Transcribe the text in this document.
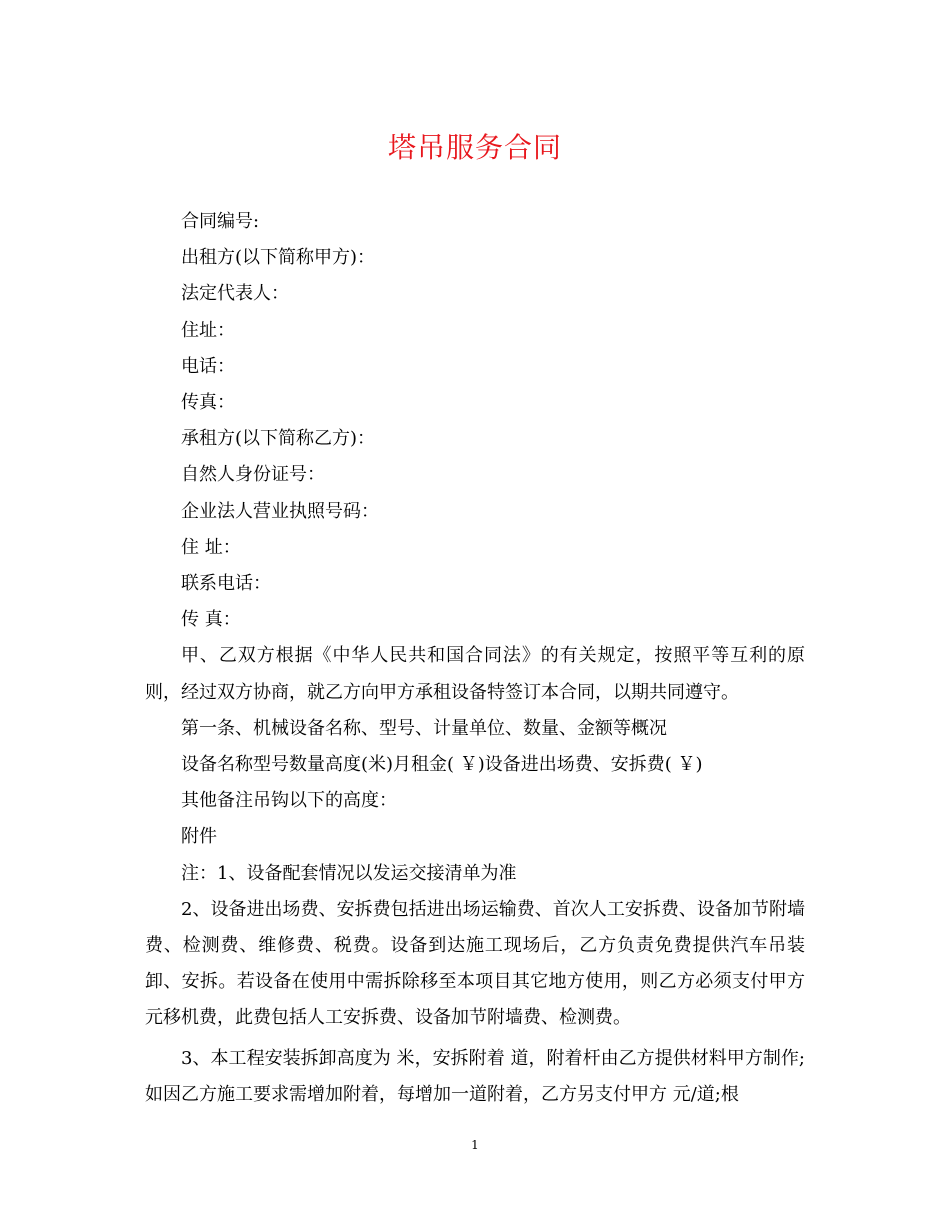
塔吊服务合同
合同编号:
出租方(以下简称甲方)：
法定代表人：
住址：
电话：
传真：
承租方(以下简称乙方)：
自然人身份证号：
企业法人营业执照号码：
住 址：
联系电话：
传 真：
甲、乙双方根据《中华人民共和国合同法》的有关规定，按照平等互利的原则，经过双方协商，就乙方向甲方承租设备特签订本合同，以期共同遵守。
第一条、机械设备名称、型号、计量单位、数量、金额等概况
设备名称型号数量高度(米)月租金( ￥)设备进出场费、安拆费( ￥)
其他备注吊钩以下的高度：
附件
注：1、设备配套情况以发运交接清单为准
2、设备进出场费、安拆费包括进出场运输费、首次人工安拆费、设备加节附墙费、检测费、维修费、税费。设备到达施工现场后，乙方负责免费提供汽车吊装卸、安拆。若设备在使用中需拆除移至本项目其它地方使用，则乙方必须支付甲方 元移机费，此费包括人工安拆费、设备加节附墙费、检测费。
3、本工程安装拆卸高度为 米，安拆附着 道，附着杆由乙方提供材料甲方制作;如因乙方施工要求需增加附着，每增加一道附着，乙方另支付甲方 元/道;根
1
